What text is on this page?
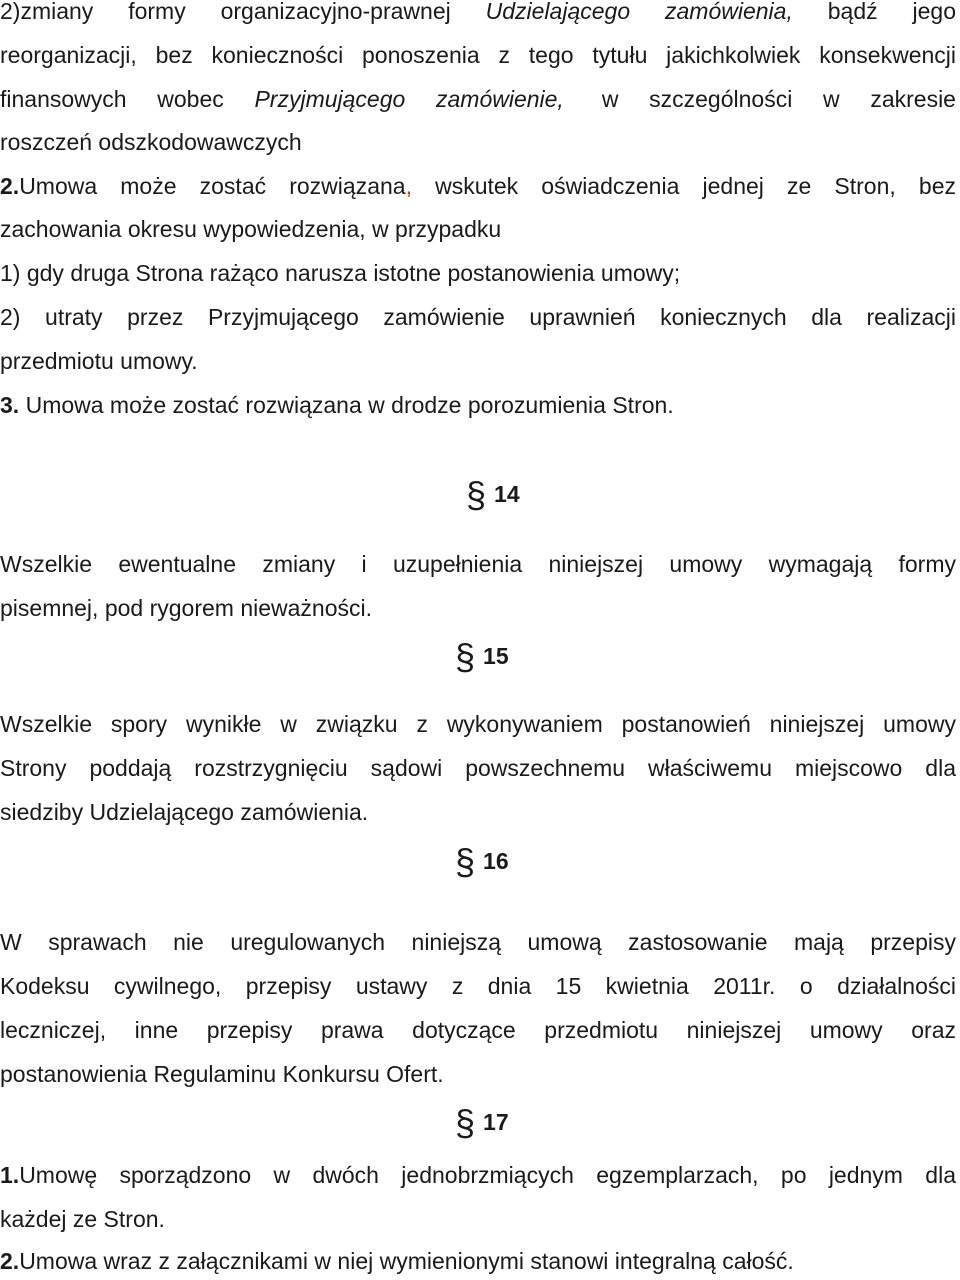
2)zmiany formy organizacyjno-prawnej Udzielającego zamówienia, bądź jego
reorganizacji, bez konieczności ponoszenia z tego tytułu jakichkolwiek konsekwencji
finansowych wobec Przyjmującego zamówienie, w szczególności w zakresie
roszczeń odszkodowawczych
2.Umowa może zostać rozwiązana, wskutek oświadczenia jednej ze Stron, bez
zachowania okresu wypowiedzenia, w przypadku
1) gdy druga Strona rażąco narusza istotne postanowienia umowy;
2) utraty przez Przyjmującego zamówienie uprawnień koniecznych dla realizacji
przedmiotu umowy.
3. Umowa może zostać rozwiązana w drodze porozumienia Stron.
§ 14
Wszelkie ewentualne zmiany i uzupełnienia niniejszej umowy wymagają formy
pisemnej, pod rygorem nieważności.
§ 15
Wszelkie spory wynikłe w związku z wykonywaniem postanowień niniejszej umowy
Strony poddają rozstrzygnięciu sądowi powszechnemu właściwemu miejscowo dla
siedziby Udzielającego zamówienia.
§ 16
W sprawach nie uregulowanych niniejszą umową zastosowanie mają przepisy
Kodeksu cywilnego, przepisy ustawy z dnia 15 kwietnia 2011r. o działalności
leczniczej, inne przepisy prawa dotyczące przedmiotu niniejszej umowy oraz
postanowienia Regulaminu Konkursu Ofert.
§ 17
1.Umowę sporządzono w dwóch jednobrzmiących egzemplarzach, po jednym dla
każdej ze Stron.
2.Umowa wraz z załącznikami w niej wymienionymi stanowi integralną całość.
